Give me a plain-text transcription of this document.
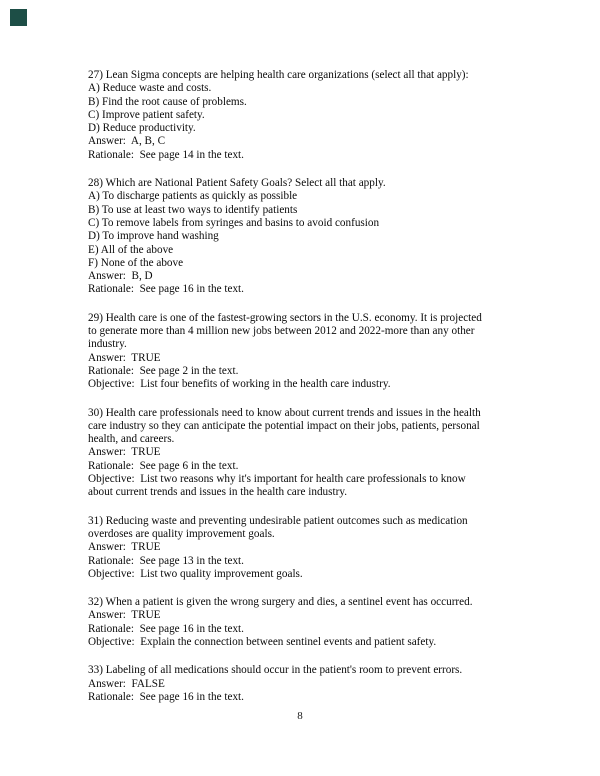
27) Lean Sigma concepts are helping health care organizations (select all that apply):
A) Reduce waste and costs.
B) Find the root cause of problems.
C) Improve patient safety.
D) Reduce productivity.
Answer:  A, B, C
Rationale:  See page 14 in the text.
28) Which are National Patient Safety Goals? Select all that apply.
A) To discharge patients as quickly as possible
B) To use at least two ways to identify patients
C) To remove labels from syringes and basins to avoid confusion
D) To improve hand washing
E) All of the above
F) None of the above
Answer:  B, D
Rationale:  See page 16 in the text.
29) Health care is one of the fastest-growing sectors in the U.S. economy. It is projected
to generate more than 4 million new jobs between 2012 and 2022-more than any other
industry.
Answer:  TRUE
Rationale:  See page 2 in the text.
Objective:  List four benefits of working in the health care industry.
30) Health care professionals need to know about current trends and issues in the health
care industry so they can anticipate the potential impact on their jobs, patients, personal
health, and careers.
Answer:  TRUE
Rationale:  See page 6 in the text.
Objective:  List two reasons why it's important for health care professionals to know
about current trends and issues in the health care industry.
31) Reducing waste and preventing undesirable patient outcomes such as medication
overdoses are quality improvement goals.
Answer:  TRUE
Rationale:  See page 13 in the text.
Objective:  List two quality improvement goals.
32) When a patient is given the wrong surgery and dies, a sentinel event has occurred.
Answer:  TRUE
Rationale:  See page 16 in the text.
Objective:  Explain the connection between sentinel events and patient safety.
33) Labeling of all medications should occur in the patient's room to prevent errors.
Answer:  FALSE
Rationale:  See page 16 in the text.
8
